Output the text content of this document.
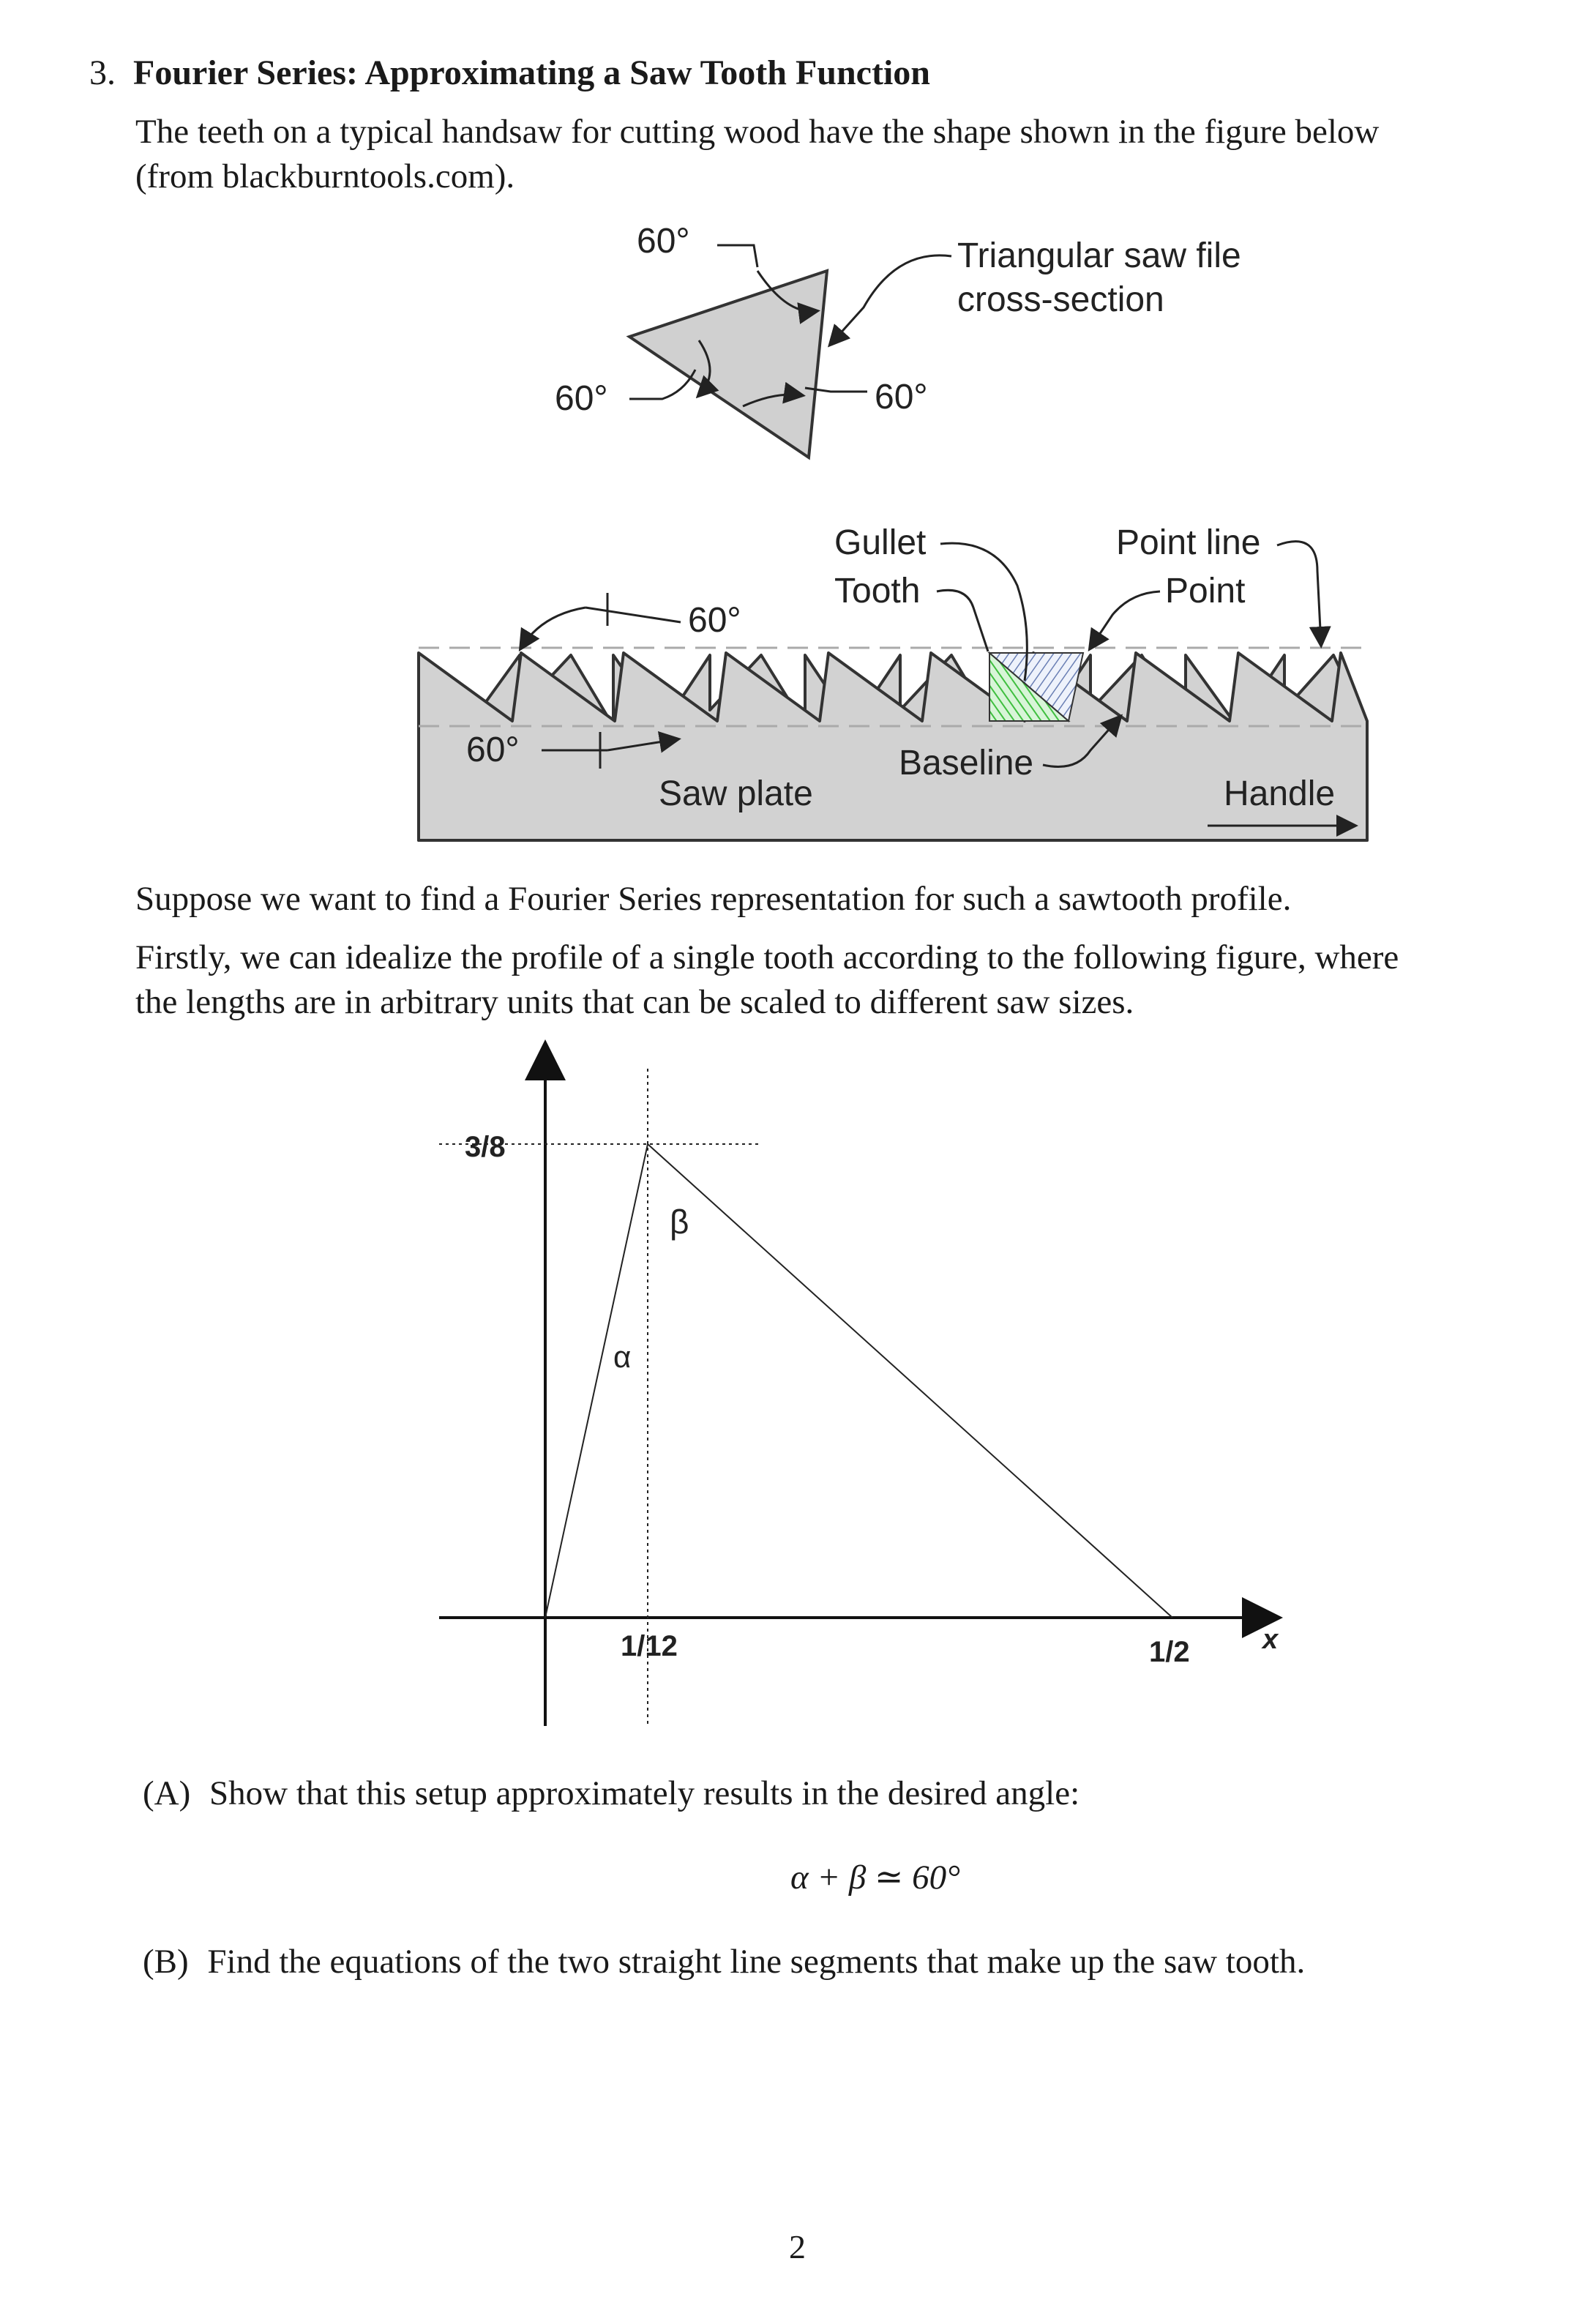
3. Fourier Series: Approximating a Saw Tooth Function
The teeth on a typical handsaw for cutting wood have the shape shown in the figure below
(from blackburntools.com).
60°
60°	60°
Triangular saw file
cross-section
60°
60°
Gullet
Tooth
Point line
Point
Baseline
Saw plate	Handle
Suppose we want to find a Fourier Series representation for such a sawtooth profile.
Firstly, we can idealize the profile of a single tooth according to the following figure, where
the lengths are in arbitrary units that can be scaled to different saw sizes.
3/8
α
β
1/12	1/2	x
(A) Show that this setup approximately results in the desired angle:
α + β ≃ 60°
(B) Find the equations of the two straight line segments that make up the saw tooth.
2
